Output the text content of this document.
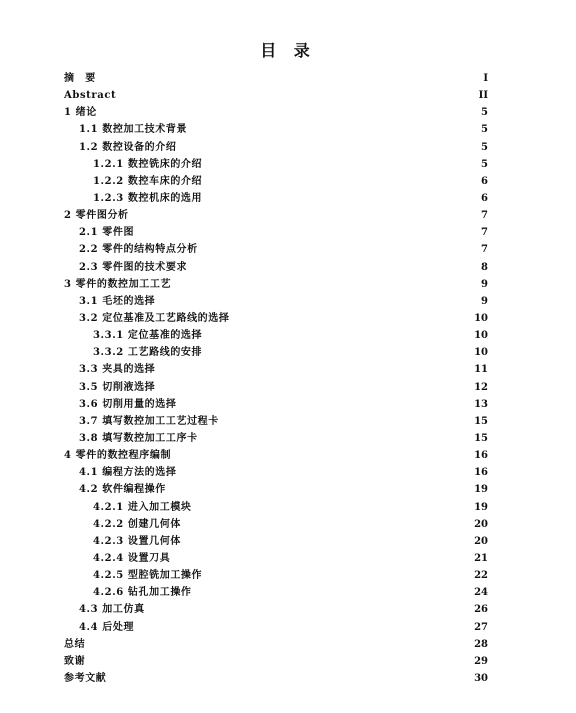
目 录
摘　要	I
Abstract	II
1 绪论	5
1.1 数控加工技术背景	5
1.2 数控设备的介绍	5
1.2.1 数控铣床的介绍	5
1.2.2 数控车床的介绍	6
1.2.3 数控机床的选用	6
2 零件图分析	7
2.1 零件图	7
2.2 零件的结构特点分析	7
2.3 零件图的技术要求	8
3 零件的数控加工工艺	9
3.1 毛坯的选择	9
3.2 定位基准及工艺路线的选择	10
3.3.1 定位基准的选择	10
3.3.2 工艺路线的安排	10
3.3 夹具的选择	11
3.5 切削液选择	12
3.6 切削用量的选择	13
3.7 填写数控加工工艺过程卡	15
3.8 填写数控加工工序卡	15
4 零件的数控程序编制	16
4.1 编程方法的选择	16
4.2 软件编程操作	19
4.2.1 进入加工模块	19
4.2.2 创建几何体	20
4.2.3 设置几何体	20
4.2.4 设置刀具	21
4.2.5 型腔铣加工操作	22
4.2.6 钻孔加工操作	24
4.3 加工仿真	26
4.4 后处理	27
总结	28
致谢	29
参考文献	30
